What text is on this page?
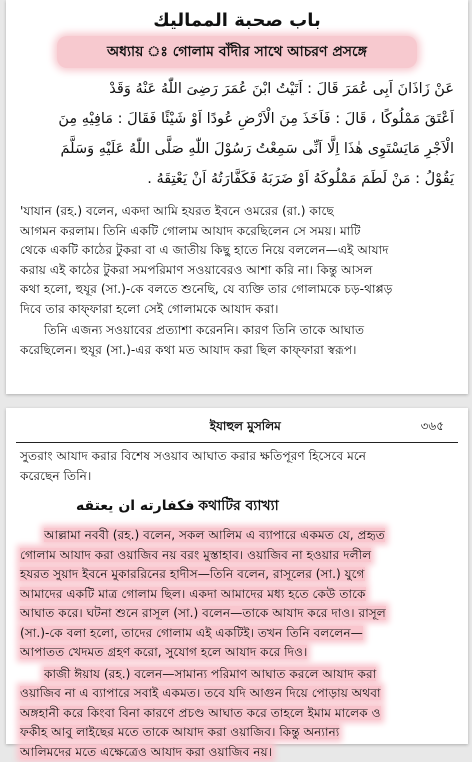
باب صحبة المماليك
অধ্যায় ঃ গোলাম বাঁদীর সাথে আচরণ প্রসঙ্গে
عَنْ زَاذَانَ اَبِى عُمَرَ قَالَ : اَتَيْتُ ابْنَ عُمَرَ رَضِىَ اللّٰهُ عَنْهُ وَقَدْ
اَعْتَقَ مَمْلُوكًا ، قَالَ : فَاَخَذَ مِنَ الْاَرْضِ عُودًا اَوْ شَيْئًا فَقَالَ : مَافِيْهِ مِنَ
الْاَجْرِ مَايَسْتَوِى هٰذَا اِلَّا اَنِّى سَمِعْتُ رَسُوْلَ اللّٰهِ صَلَّى اللّٰهُ عَلَيْهِ وَسَلَّمَ
يَقُوْلُ : مَنْ لَطَمَ مَمْلُوكَهُ اَوْ ضَرَبَهُ فَكَفَّارَتُهُ اَنْ يَعْتِقَهُ .
'যাযান (রহ.) বলেন, একদা আমি হযরত ইবনে ওমরের (রা.) কাছে
আগমন করলাম। তিনি একটি গোলাম আযাদ করেছিলেন সে সময়। মাটি
থেকে একটি কাঠের টুকরা বা এ জাতীয় কিছু হাতে নিয়ে বললেন—এই আযাদ
করায় এই কাঠের টুকরা সমপরিমাণ সওয়াবেরও আশা করি না। কিন্তু আসল
কথা হলো, হুযূর (সা.)-কে বলতে শুনেছি, যে ব্যক্তি তার গোলামকে চড়-থাপ্পড়
দিবে তার কাফ্ফারা হলো সেই গোলামকে আযাদ করা।
তিনি এজন্য সওয়াবের প্রত্যাশা করেননি। কারণ তিনি তাকে আঘাত
করেছিলেন। হুযূর (সা.)-এর কথা মত আযাদ করা ছিল কাফ্ফারা স্বরূপ।
ইযাহুল মুসলিম	৩৬৫
সুতরাং আযাদ করার বিশেষ সওয়াব আঘাত করার ক্ষতিপূরণ হিসেবে মনে
করেছেন তিনি।
فكفارته ان يعتقه কথাটির ব্যাখ্যা
আল্লামা নববী (রহ.) বলেন, সকল আলিম এ ব্যাপারে একমত যে, প্রহৃত
গোলাম আযাদ করা ওয়াজিব নয় বরং মুস্তাহাব। ওয়াজিব না হওয়ার দলীল
হযরত সুয়াদ ইবনে মুকাররিনের হাদীস—তিনি বলেন, রাসূলের (সা.) যুগে
আমাদের একটি মাত্র গোলাম ছিল। একদা আমাদের মধ্য হতে কেউ তাকে
আঘাত করে। ঘটনা শুনে রাসূল (সা.) বলেন—তাকে আযাদ করে দাও। রাসূল
(সা.)-কে বলা হলো, তাদের গোলাম এই একটিই। তখন তিনি বললেন—
আপাতত খেদমত গ্রহণ করো, সুযোগ হলে আযাদ করে দিও।
কাজী ঈয়ায (রহ.) বলেন—সামান্য পরিমাণ আঘাত করলে আযাদ করা
ওয়াজিব না এ ব্যাপারে সবাই একমত। তবে যদি আগুন দিয়ে পোড়ায় অথবা
অঙ্গহানী করে কিংবা বিনা কারণে প্রচণ্ড আঘাত করে তাহলে ইমাম মালেক ও
ফকীহ আবু লাইছের মতে তাকে আযাদ করা ওয়াজিব। কিন্তু অন্যান্য
আলিমদের মতে এক্ষেত্রেও আযাদ করা ওয়াজিব নয়।
